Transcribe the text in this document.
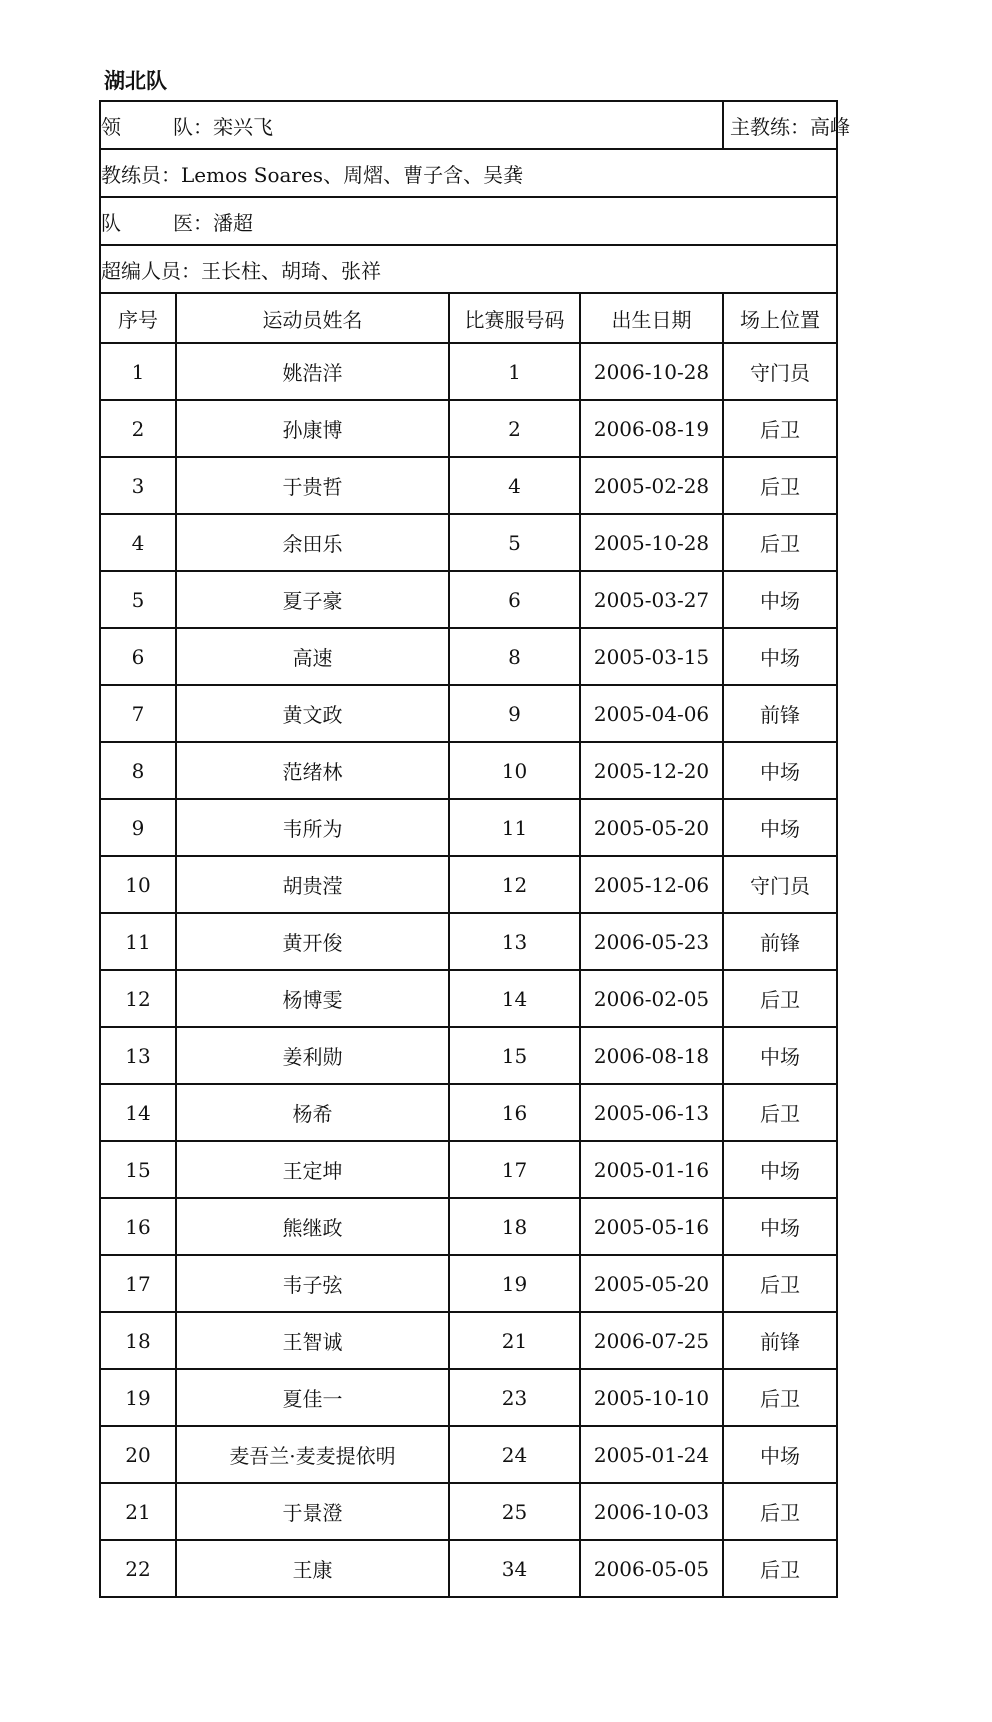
湖北队
领 队：栾兴飞				主教练：高峰
教练员：Lemos Soares、周熠、曹子含、吴龚				
队 医：潘超				
超编人员：王长柱、胡琦、张祥				
序号	运动员姓名	比赛服号码	出生日期	场上位置
1	姚浩洋	1	2006-10-28	守门员
2	孙康博	2	2006-08-19	后卫
3	于贵哲	4	2005-02-28	后卫
4	余田乐	5	2005-10-28	后卫
5	夏子豪	6	2005-03-27	中场
6	高速	8	2005-03-15	中场
7	黄文政	9	2005-04-06	前锋
8	范绪林	10	2005-12-20	中场
9	韦所为	11	2005-05-20	中场
10	胡贵滢	12	2005-12-06	守门员
11	黄开俊	13	2006-05-23	前锋
12	杨博雯	14	2006-02-05	后卫
13	姜利勋	15	2006-08-18	中场
14	杨希	16	2005-06-13	后卫
15	王定坤	17	2005-01-16	中场
16	熊继政	18	2005-05-16	中场
17	韦子弦	19	2005-05-20	后卫
18	王智诚	21	2006-07-25	前锋
19	夏佳一	23	2005-10-10	后卫
20	麦吾兰·麦麦提依明	24	2005-01-24	中场
21	于景澄	25	2006-10-03	后卫
22	王康	34	2006-05-05	后卫
